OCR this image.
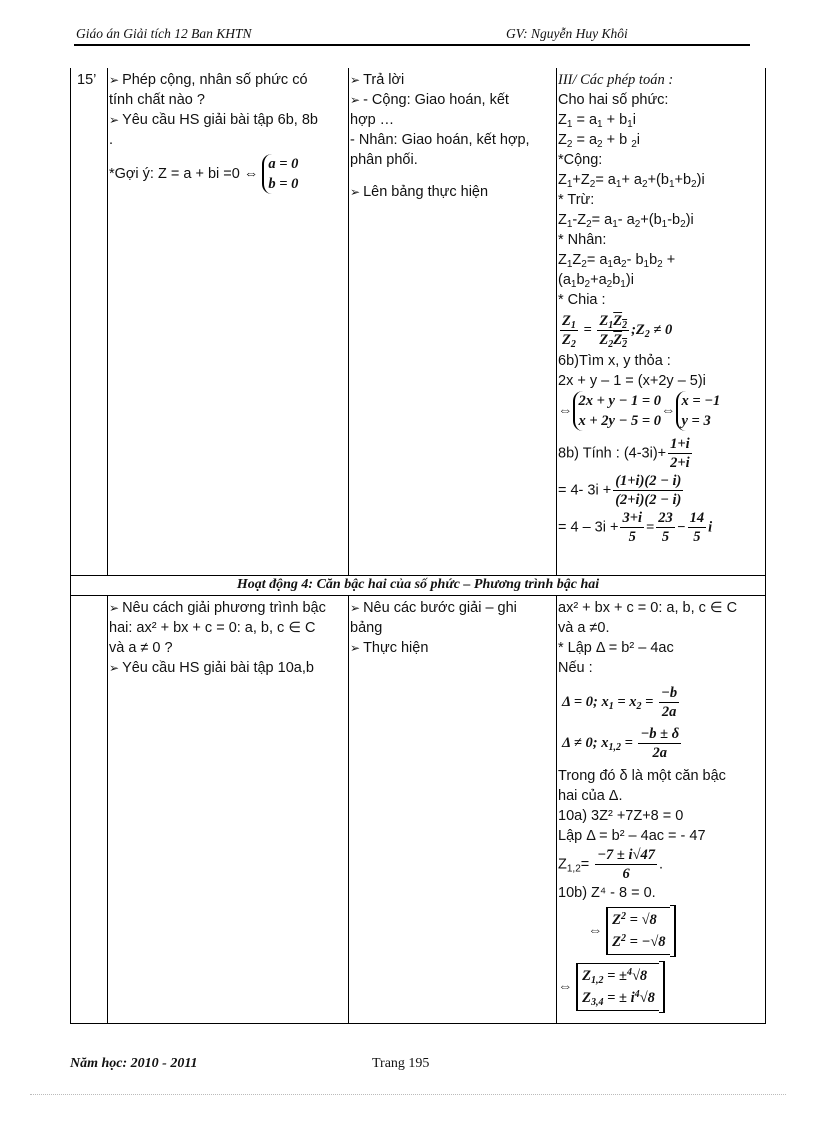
Giáo án Giải tích 12 Ban KHTN	GV: Nguyễn Huy Khôi
15’ ➢ Phép cộng, nhân số phức có
tính chất nào ?
➢ Yêu cầu HS giải bài tập 6b, 8b
.
*Gợi ý: Z = a + bi =0 ⇔
a = 0
b = 0
➢ Trả lời
➢ - Cộng: Giao hoán, kết
hợp …
- Nhân: Giao hoán, kết hợp,
phân phối.
➢ Lên bảng thực hiện
III/ Các phép toán :
Cho hai số phức:
$Z_1 = a_1 + b_1i$
$Z_2 = a_2 + b$ $_2$i
*Cộng:
$Z_1+Z_2= a_1+ a_2+(b_1+b_2)i$
* Trừ:
$Z_1-Z_2= a_1-$ $a_2+(b_1-b_2)i$
* Nhân:
$Z_1Z_2= a_1a_2-$ $b_1b_2$ +
$(a_1b_2+a_2b_1)i$
* Chia :
$\frac{Z_1}{Z_2} = \frac{Z_1Z_2}{Z_2Z_2}$ $;Z_2 \ne 0$
6b)Tìm x, y thỏa :
2x + y – 1 = (x+2y – 5)i
⇔
2x + y − 1 = 0
x + 2y − 5 = 0
⇔
x = −1
y = 3
8b) Tính : $(4-3i)+ \frac{1+i}{2+i}$
= 4- $3i + \frac{(1+i)(2 - i)}{(2+i)(2 - i)}$
= $4 - 3i + \frac{3+i}{5} = \frac{23}{5} - \frac{14}{5}$ i
Hoạt động 4: Căn bậc hai của số phức – Phương trình bậc hai
➢ Nêu cách giải phương trình bậc
hai: ax² + bx + c = 0: a, b, c ∈ C
và a ≠ 0 ?
➢ Yêu cầu HS giải bài tập 10a,b
➢ Nêu các bước giải – ghi
bảng
➢ Thực hiện
ax² + bx + c = 0: a, b, c ∈ C
và a ≠0.
* Lập Δ = b² – 4ac
Nếu :
Δ = 0; $x_1 = x_2 = \frac{-b}{2a}$
Δ ≠ 0; $x_{1,2} = \frac{-b \pm \delta}{2a}$
Trong đó δ là một căn bậc
hai của Δ.
10a) 3Z² +7Z+8 = 0
Lập Δ = b² – 4ac = - 47
$Z_{1,2}= \frac{-7 \pm i√47}{6}$ .
10b) Z⁴ - 8 = 0.
⇔
$Z^2 = √8$
$Z^2 = -√8$
⇔
$Z_{1,2} = \pm^4√8$
$Z_{3,4}$ = ± $i^4√8$
Năm học: 2010 - 2011	Trang 195
